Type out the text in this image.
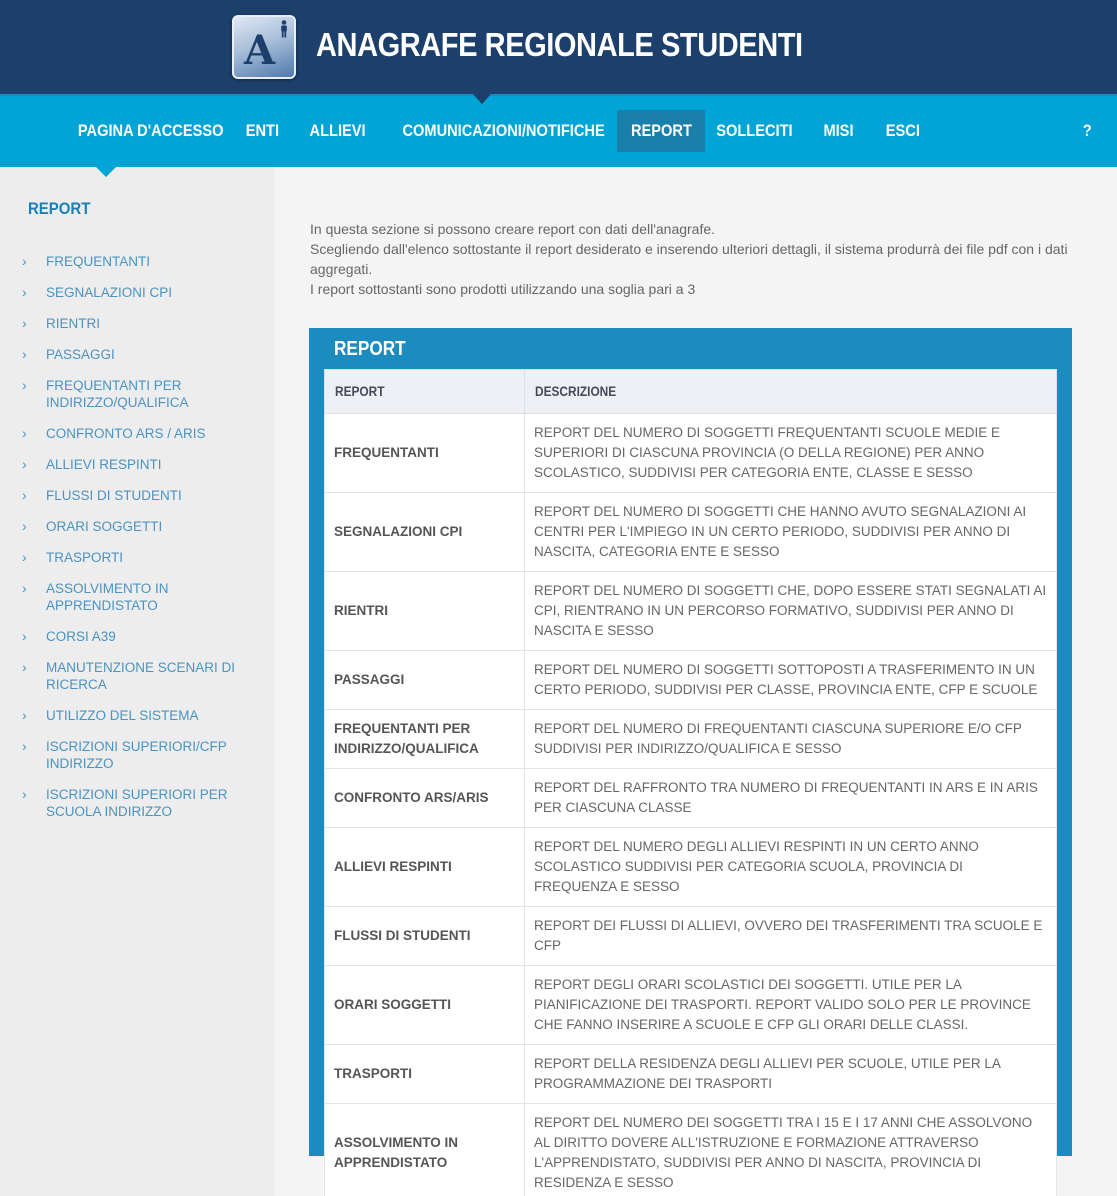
A ANAGRAFE REGIONALE STUDENTI
PAGINA D'ACCESSO	ENTI	ALLIEVI	COMUNICAZIONI/NOTIFICHE	REPORT	SOLLECITI	MISI	ESCI	?
REPORT
› FREQUENTANTI
› SEGNALAZIONI CPI
› RIENTRI
› PASSAGGI
› FREQUENTANTI PER INDIRIZZO/QUALIFICA
› CONFRONTO ARS / ARIS
› ALLIEVI RESPINTI
› FLUSSI DI STUDENTI
› ORARI SOGGETTI
› TRASPORTI
› ASSOLVIMENTO IN APPRENDISTATO
› CORSI A39
› MANUTENZIONE SCENARI DI RICERCA
› UTILIZZO DEL SISTEMA
› ISCRIZIONI SUPERIORI/CFP INDIRIZZO
› ISCRIZIONI SUPERIORI PER SCUOLA INDIRIZZO
In questa sezione si possono creare report con dati dell'anagrafe.
Scegliendo dall'elenco sottostante il report desiderato e inserendo ulteriori dettagli, il sistema produrrà dei file pdf con i dati aggregati.
I report sottostanti sono prodotti utilizzando una soglia pari a 3
REPORT
REPORT	DESCRIZIONE
FREQUENTANTI	REPORT DEL NUMERO DI SOGGETTI FREQUENTANTI SCUOLE MEDIE E SUPERIORI DI CIASCUNA PROVINCIA (O DELLA REGIONE) PER ANNO SCOLASTICO, SUDDIVISI PER CATEGORIA ENTE, CLASSE E SESSO
SEGNALAZIONI CPI	REPORT DEL NUMERO DI SOGGETTI CHE HANNO AVUTO SEGNALAZIONI AI CENTRI PER L'IMPIEGO IN UN CERTO PERIODO, SUDDIVISI PER ANNO DI NASCITA, CATEGORIA ENTE E SESSO
RIENTRI	REPORT DEL NUMERO DI SOGGETTI CHE, DOPO ESSERE STATI SEGNALATI AI CPI, RIENTRANO IN UN PERCORSO FORMATIVO, SUDDIVISI PER ANNO DI NASCITA E SESSO
PASSAGGI	REPORT DEL NUMERO DI SOGGETTI SOTTOPOSTI A TRASFERIMENTO IN UN CERTO PERIODO, SUDDIVISI PER CLASSE, PROVINCIA ENTE, CFP E SCUOLE
FREQUENTANTI PER INDIRIZZO/QUALIFICA	REPORT DEL NUMERO DI FREQUENTANTI CIASCUNA SUPERIORE E/O CFP SUDDIVISI PER INDIRIZZO/QUALIFICA E SESSO
CONFRONTO ARS/ARIS	REPORT DEL RAFFRONTO TRA NUMERO DI FREQUENTANTI IN ARS E IN ARIS PER CIASCUNA CLASSE
ALLIEVI RESPINTI	REPORT DEL NUMERO DEGLI ALLIEVI RESPINTI IN UN CERTO ANNO SCOLASTICO SUDDIVISI PER CATEGORIA SCUOLA, PROVINCIA DI FREQUENZA E SESSO
FLUSSI DI STUDENTI	REPORT DEI FLUSSI DI ALLIEVI, OVVERO DEI TRASFERIMENTI TRA SCUOLE E CFP
ORARI SOGGETTI	REPORT DEGLI ORARI SCOLASTICI DEI SOGGETTI. UTILE PER LA PIANIFICAZIONE DEI TRASPORTI. REPORT VALIDO SOLO PER LE PROVINCE CHE FANNO INSERIRE A SCUOLE E CFP GLI ORARI DELLE CLASSI.
TRASPORTI	REPORT DELLA RESIDENZA DEGLI ALLIEVI PER SCUOLE, UTILE PER LA PROGRAMMAZIONE DEI TRASPORTI
ASSOLVIMENTO IN APPRENDISTATO	REPORT DEL NUMERO DEI SOGGETTI TRA I 15 E I 17 ANNI CHE ASSOLVONO AL DIRITTO DOVERE ALL'ISTRUZIONE E FORMAZIONE ATTRAVERSO L'APPRENDISTATO, SUDDIVISI PER ANNO DI NASCITA, PROVINCIA DI RESIDENZA E SESSO
